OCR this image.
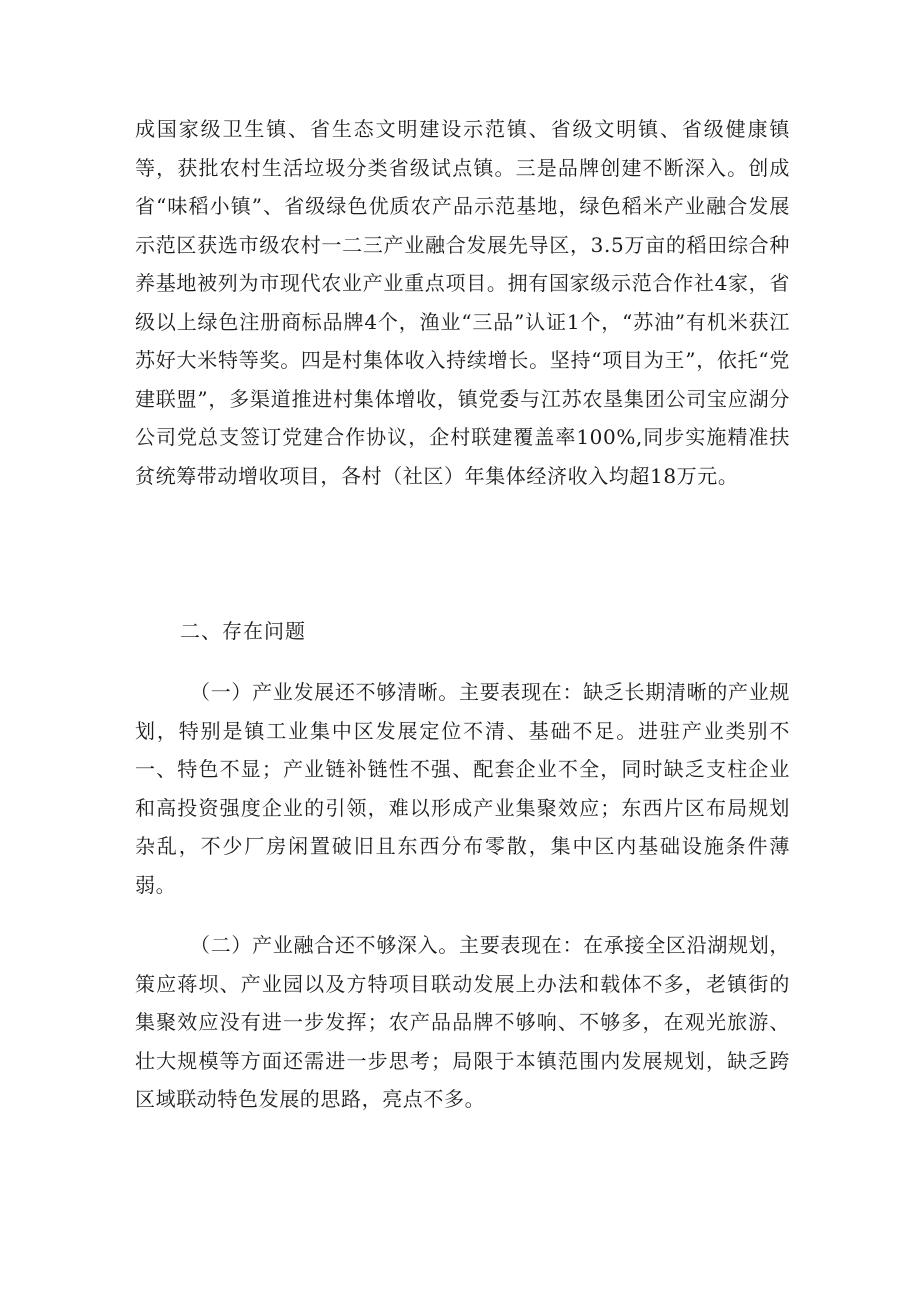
成国家级卫生镇、省生态文明建设示范镇、省级文明镇、省级健康镇等，获批农村生活垃圾分类省级试点镇。三是品牌创建不断深入。创成省“味稻小镇”、省级绿色优质农产品示范基地，绿色稻米产业融合发展示范区获选市级农村一二三产业融合发展先导区，3.5万亩的稻田综合种养基地被列为市现代农业产业重点项目。拥有国家级示范合作社4家，省级以上绿色注册商标品牌4个，渔业“三品”认证1个，“苏油”有机米获江苏好大米特等奖。四是村集体收入持续增长。坚持“项目为王”，依托“党建联盟”，多渠道推进村集体增收，镇党委与江苏农垦集团公司宝应湖分公司党总支签订党建合作协议，企村联建覆盖率100%,同步实施精准扶贫统筹带动增收项目，各村（社区）年集体经济收入均超18万元。

二、存在问题

（一）产业发展还不够清晰。主要表现在：缺乏长期清晰的产业规划，特别是镇工业集中区发展定位不清、基础不足。进驻产业类别不一、特色不显；产业链补链性不强、配套企业不全，同时缺乏支柱企业和高投资强度企业的引领，难以形成产业集聚效应；东西片区布局规划杂乱，不少厂房闲置破旧且东西分布零散，集中区内基础设施条件薄弱。

（二）产业融合还不够深入。主要表现在：在承接全区沿湖规划，策应蒋坝、产业园以及方特项目联动发展上办法和载体不多，老镇街的集聚效应没有进一步发挥；农产品品牌不够响、不够多，在观光旅游、壮大规模等方面还需进一步思考；局限于本镇范围内发展规划，缺乏跨区域联动特色发展的思路，亮点不多。
